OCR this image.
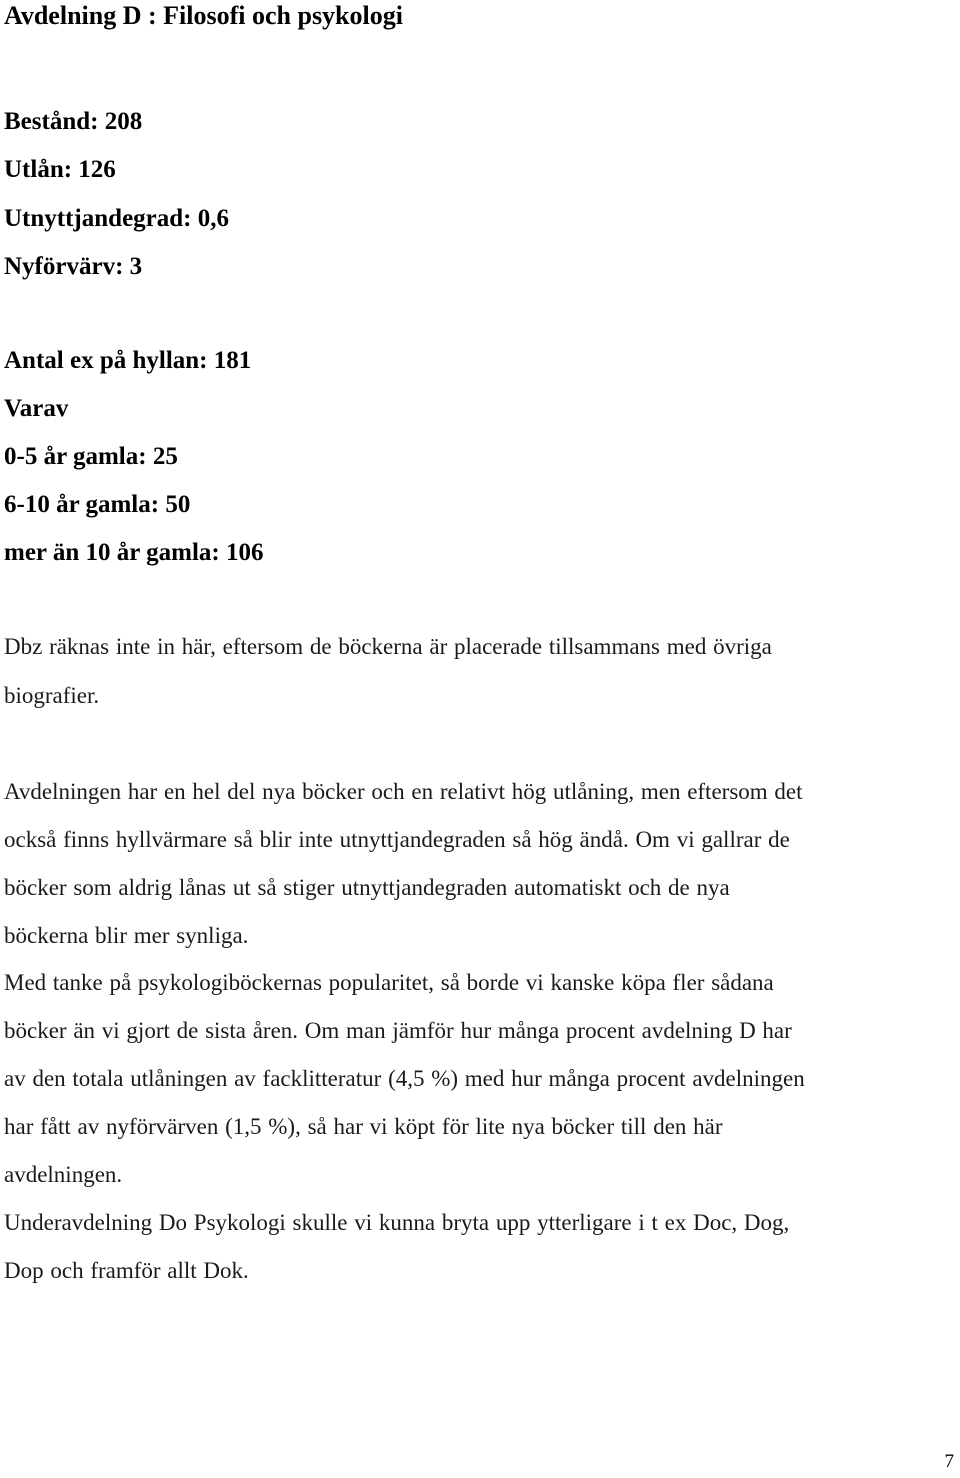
Avdelning D : Filosofi och psykologi
Bestånd: 208
Utlån: 126
Utnyttjandegrad: 0,6
Nyförvärv: 3
Antal ex på hyllan: 181
Varav
0-5 år gamla: 25
6-10 år gamla: 50
mer än 10 år gamla: 106
Dbz räknas inte in här, eftersom de böckerna är placerade tillsammans med övriga
biografier.
Avdelningen har en hel del nya böcker och en relativt hög utlåning, men eftersom det
också finns hyllvärmare så blir inte utnyttjandegraden så hög ändå. Om vi gallrar de
böcker som aldrig lånas ut så stiger utnyttjandegraden automatiskt och de nya
böckerna blir mer synliga.
Med tanke på psykologiböckernas popularitet, så borde vi kanske köpa fler sådana
böcker än vi gjort de sista åren. Om man jämför hur många procent avdelning D har
av den totala utlåningen av facklitteratur (4,5 %) med hur många procent avdelningen
har fått av nyförvärven (1,5 %), så har vi köpt för lite nya böcker till den här
avdelningen.
Underavdelning Do Psykologi skulle vi kunna bryta upp ytterligare i t ex Doc, Dog,
Dop och framför allt Dok.
7
